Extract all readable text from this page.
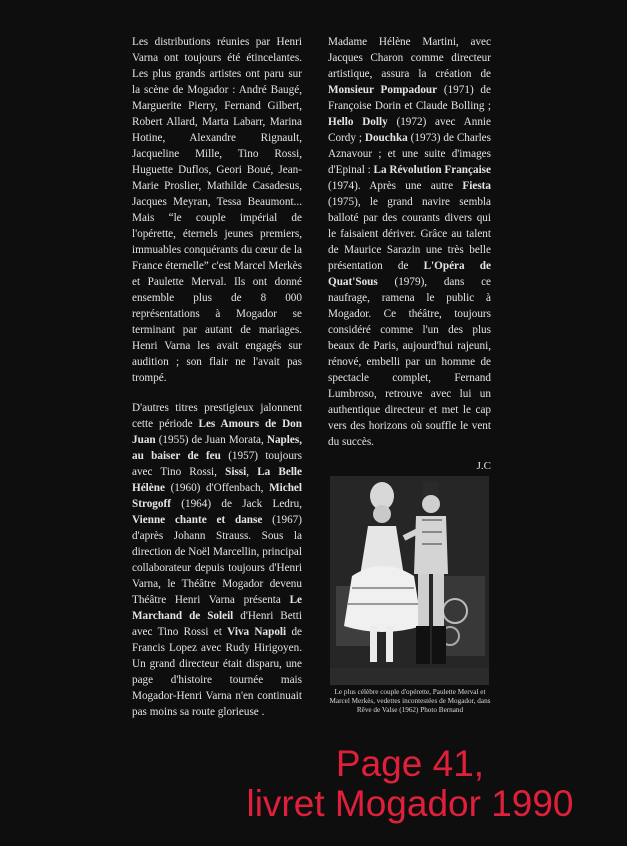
Les distributions réunies par Henri Varna ont toujours été étincelantes. Les plus grands artistes ont paru sur la scène de Mogador : André Baugé, Marguerite Pierry, Fernand Gilbert, Robert Allard, Marta Labarr, Marina Hotine, Alexandre Rignault, Jacqueline Mille, Tino Rossi, Huguette Duflos, Geori Boué, Jean-Marie Proslier, Mathilde Casadesus, Jacques Meyran, Tessa Beaumont... Mais “le couple impérial de l'opérette, éternels jeunes premiers, immuables conquérants du cœur de la France éternelle” c'est Marcel Merkès et Paulette Merval. Ils ont donné ensemble plus de 8 000 représentations à Mogador se terminant par autant de mariages. Henri Varna les avait engagés sur audition ; son flair ne l'avait pas trompé.

D'autres titres prestigieux jalonnent cette période Les Amours de Don Juan (1955) de Juan Morata, Naples, au baiser de feu (1957) toujours avec Tino Rossi, Sissi, La Belle Hélène (1960) d'Offenbach, Michel Strogoff (1964) de Jack Ledru, Vienne chante et danse (1967) d'après Johann Strauss. Sous la direction de Noël Marcellin, principal collaborateur depuis toujours d'Henri Varna, le Théâtre Mogador devenu Théâtre Henri Varna présenta Le Marchand de Soleil d'Henri Betti avec Tino Rossi et Viva Napoli de Francis Lopez avec Rudy Hirigoyen. Un grand directeur était disparu, une page d'histoire tournée mais Mogador-Henri Varna n'en continuait pas moins sa route glorieuse .

Madame Hélène Martini, avec Jacques Charon comme directeur artistique, assura la création de Monsieur Pompadour (1971) de Françoise Dorin et Claude Bolling ; Hello Dolly (1972) avec Annie Cordy ; Douchka (1973) de Charles Aznavour ; et une suite d'images d'Epinal : La Révolution Française (1974). Après une autre Fiesta (1975), le grand navire sembla balloté par des courants divers qui le faisaient dériver. Grâce au talent de Maurice Sarazin une très belle présentation de L'Opéra de Quat'Sous (1979), dans ce naufrage, ramena le public à Mogador. Ce théâtre, toujours considéré comme l'un des plus beaux de Paris, aujourd'hui rajeuni, rénové, embelli par un homme de spectacle complet, Fernand Lumbroso, retrouve avec lui un authentique directeur et met le cap vers des horizons où souffle le vent du succès.

J.C
Le plus célèbre couple d'opérette, Paulette Merval et Marcel Merkès, vedettes incontestées de Mogador, dans Rêve de Valse (1962) Photo Bernand
Page 41,
livret Mogador 1990
